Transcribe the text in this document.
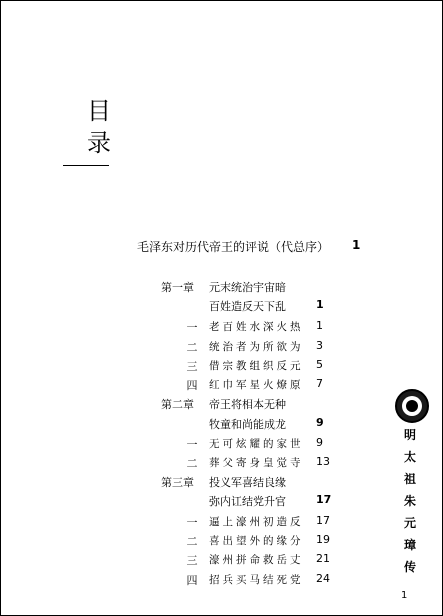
目
录
毛泽东对历代帝王的评说（代总序） 1
第一章 元末统治宇宙暗
百姓造反天下乱	1
一 老百姓水深火热 1
二 统治者为所欲为 3
三 借宗教组织反元 5
四 红巾军星火燎原 7
第二章 帝王将相本无种
牧童和尚能成龙	9
一 无可炫耀的家世 9
二 葬父寄身皇觉寺 13
第三章 投义军喜结良缘
弥内讧结党升官	17
一 逼上濠州初造反 17
二 喜出望外的缘分 19
三 濠州拼命救岳丈 21
四 招兵买马结死党 24
明
太
祖
朱
元
璋
传
1
